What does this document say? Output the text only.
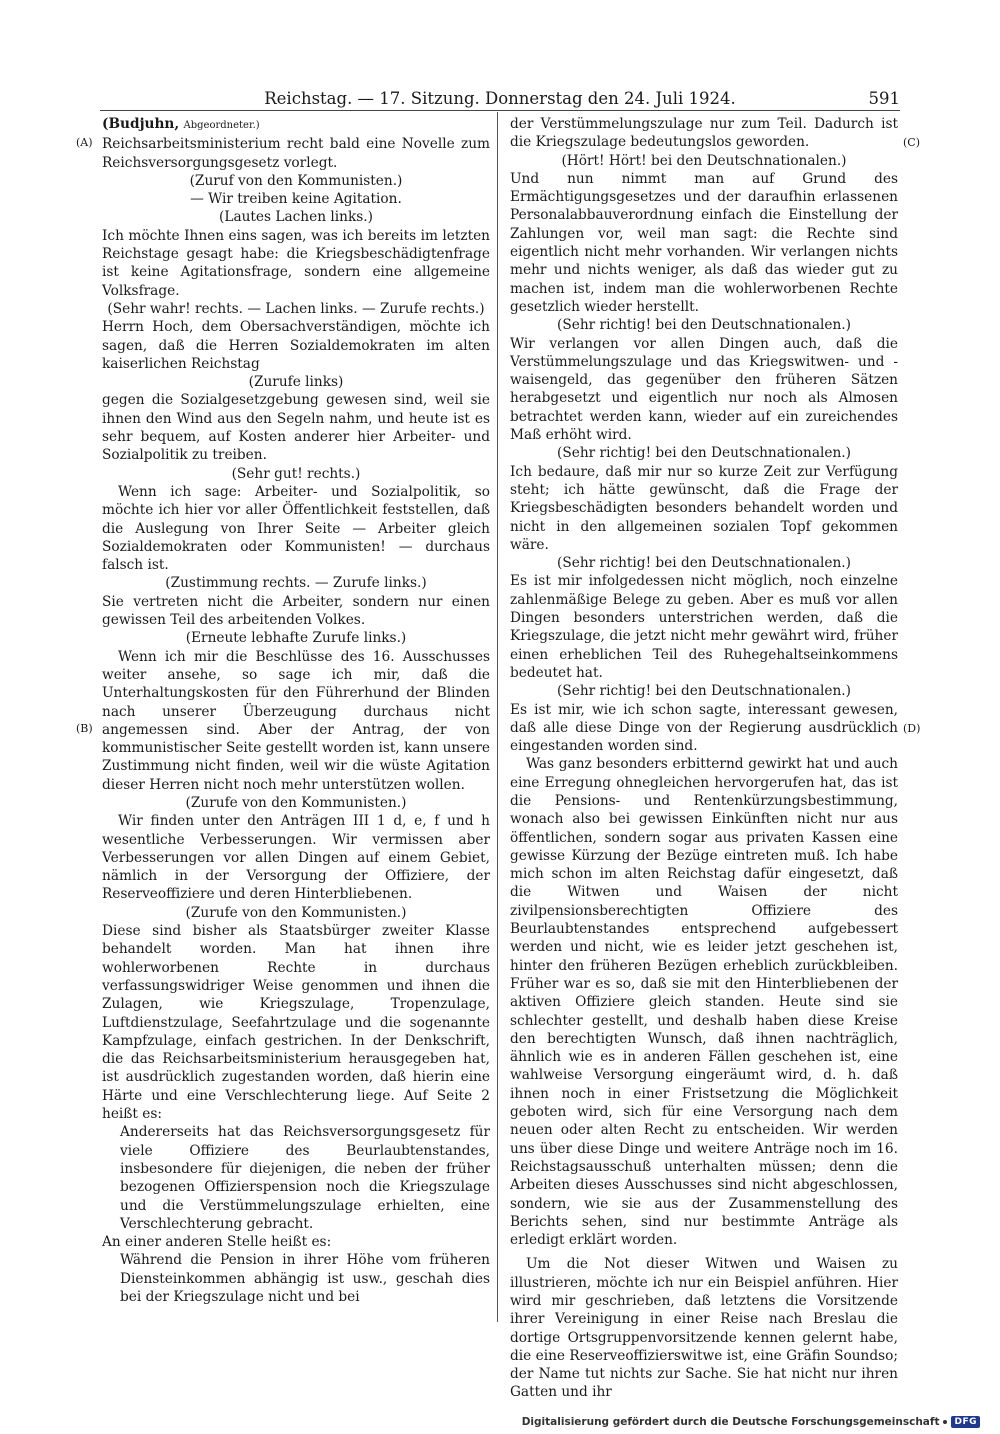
Reichstag. — 17. Sitzung. Donnerstag den 24. Juli 1924.	591
(A)
(B)
(C)
(D)

(Budjuhn, Abgeordneter.)

Reichsarbeitsministerium recht bald eine Novelle zum Reichsversorgungsgesetz vorlegt.

(Zuruf von den Kommunisten.)

— Wir treiben keine Agitation.

(Lautes Lachen links.)

Ich möchte Ihnen eins sagen, was ich bereits im letzten Reichstage gesagt habe: die Kriegsbeschädigtenfrage ist keine Agitationsfrage, sondern eine allgemeine Volksfrage.

(Sehr wahr! rechts. — Lachen links. — Zurufe rechts.)

Herrn Hoch, dem Obersachverständigen, möchte ich sagen, daß die Herren Sozialdemokraten im alten kaiserlichen Reichstag

(Zurufe links)

gegen die Sozialgesetzgebung gewesen sind, weil sie ihnen den Wind aus den Segeln nahm, und heute ist es sehr bequem, auf Kosten anderer hier Arbeiter- und Sozialpolitik zu treiben.

(Sehr gut! rechts.)

Wenn ich sage: Arbeiter- und Sozialpolitik, so möchte ich hier vor aller Öffentlichkeit feststellen, daß die Auslegung von Ihrer Seite — Arbeiter gleich Sozialdemokraten oder Kommunisten! — durchaus falsch ist.

(Zustimmung rechts. — Zurufe links.)

Sie vertreten nicht die Arbeiter, sondern nur einen gewissen Teil des arbeitenden Volkes.

(Erneute lebhafte Zurufe links.)

Wenn ich mir die Beschlüsse des 16. Ausschusses weiter ansehe, so sage ich mir, daß die Unterhaltungskosten für den Führerhund der Blinden nach unserer Überzeugung durchaus nicht angemessen sind. Aber der Antrag, der von kommunistischer Seite gestellt worden ist, kann unsere Zustimmung nicht finden, weil wir die wüste Agitation dieser Herren nicht noch mehr unterstützen wollen.

(Zurufe von den Kommunisten.)

Wir finden unter den Anträgen III 1 d, e, f und h wesentliche Verbesserungen. Wir vermissen aber Verbesserungen vor allen Dingen auf einem Gebiet, nämlich in der Versorgung der Offiziere, der Reserveoffiziere und deren Hinterbliebenen.

(Zurufe von den Kommunisten.)

Diese sind bisher als Staatsbürger zweiter Klasse behandelt worden. Man hat ihnen ihre wohlerworbenen Rechte in durchaus verfassungswidriger Weise genommen und ihnen die Zulagen, wie Kriegszulage, Tropenzulage, Luftdienstzulage, Seefahrtzulage und die sogenannte Kampfzulage, einfach gestrichen. In der Denkschrift, die das Reichsarbeitsministerium herausgegeben hat, ist ausdrücklich zugestanden worden, daß hierin eine Härte und eine Verschlechterung liege. Auf Seite 2 heißt es:

Andererseits hat das Reichsversorgungsgesetz für viele Offiziere des Beurlaubtenstandes, insbesondere für diejenigen, die neben der früher bezogenen Offizierspension noch die Kriegszulage und die Verstümmelungszulage erhielten, eine Verschlechterung gebracht.

An einer anderen Stelle heißt es:

Während die Pension in ihrer Höhe vom früheren Diensteinkommen abhängig ist usw., geschah dies bei der Kriegszulage nicht und bei

der Verstümmelungszulage nur zum Teil. Dadurch ist die Kriegszulage bedeutungslos geworden.

(Hört! Hört! bei den Deutschnationalen.)

Und nun nimmt man auf Grund des Ermächtigungsgesetzes und der daraufhin erlassenen Personalabbauverordnung einfach die Einstellung der Zahlungen vor, weil man sagt: die Rechte sind eigentlich nicht mehr vorhanden. Wir verlangen nichts mehr und nichts weniger, als daß das wieder gut zu machen ist, indem man die wohlerworbenen Rechte gesetzlich wieder herstellt.

(Sehr richtig! bei den Deutschnationalen.)

Wir verlangen vor allen Dingen auch, daß die Verstümmelungszulage und das Kriegswitwen- und -waisengeld, das gegenüber den früheren Sätzen herabgesetzt und eigentlich nur noch als Almosen betrachtet werden kann, wieder auf ein zureichendes Maß erhöht wird.

(Sehr richtig! bei den Deutschnationalen.)

Ich bedaure, daß mir nur so kurze Zeit zur Verfügung steht; ich hätte gewünscht, daß die Frage der Kriegsbeschädigten besonders behandelt worden und nicht in den allgemeinen sozialen Topf gekommen wäre.

(Sehr richtig! bei den Deutschnationalen.)

Es ist mir infolgedessen nicht möglich, noch einzelne zahlenmäßige Belege zu geben. Aber es muß vor allen Dingen besonders unterstrichen werden, daß die Kriegszulage, die jetzt nicht mehr gewährt wird, früher einen erheblichen Teil des Ruhegehaltseinkommens bedeutet hat.

(Sehr richtig! bei den Deutschnationalen.)

Es ist mir, wie ich schon sagte, interessant gewesen, daß alle diese Dinge von der Regierung ausdrücklich eingestanden worden sind.

Was ganz besonders erbitternd gewirkt hat und auch eine Erregung ohnegleichen hervorgerufen hat, das ist die Pensions- und Rentenkürzungsbestimmung, wonach also bei gewissen Einkünften nicht nur aus öffentlichen, sondern sogar aus privaten Kassen eine gewisse Kürzung der Bezüge eintreten muß. Ich habe mich schon im alten Reichstag dafür eingesetzt, daß die Witwen und Waisen der nicht zivilpensionsberechtigten Offiziere des Beurlaubtenstandes entsprechend aufgebessert werden und nicht, wie es leider jetzt geschehen ist, hinter den früheren Bezügen erheblich zurückbleiben. Früher war es so, daß sie mit den Hinterbliebenen der aktiven Offiziere gleich standen. Heute sind sie schlechter gestellt, und deshalb haben diese Kreise den berechtigten Wunsch, daß ihnen nachträglich, ähnlich wie es in anderen Fällen geschehen ist, eine wahlweise Versorgung eingeräumt wird, d. h. daß ihnen noch in einer Fristsetzung die Möglichkeit geboten wird, sich für eine Versorgung nach dem neuen oder alten Recht zu entscheiden. Wir werden uns über diese Dinge und weitere Anträge noch im 16. Reichstagsausschuß unterhalten müssen; denn die Arbeiten dieses Ausschusses sind nicht abgeschlossen, sondern, wie sie aus der Zusammenstellung des Berichts sehen, sind nur bestimmte Anträge als erledigt erklärt worden.

Um die Not dieser Witwen und Waisen zu illustrieren, möchte ich nur ein Beispiel anführen. Hier wird mir geschrieben, daß letztens die Vorsitzende ihrer Vereinigung in einer Reise nach Breslau die dortige Ortsgruppenvorsitzende kennen gelernt habe, die eine Reserveoffizierswitwe ist, eine Gräfin Soundso; der Name tut nichts zur Sache. Sie hat nicht nur ihren Gatten und ihr

Digitalisierung gefördert durch die Deutsche Forschungsgemeinschaft	DFG
